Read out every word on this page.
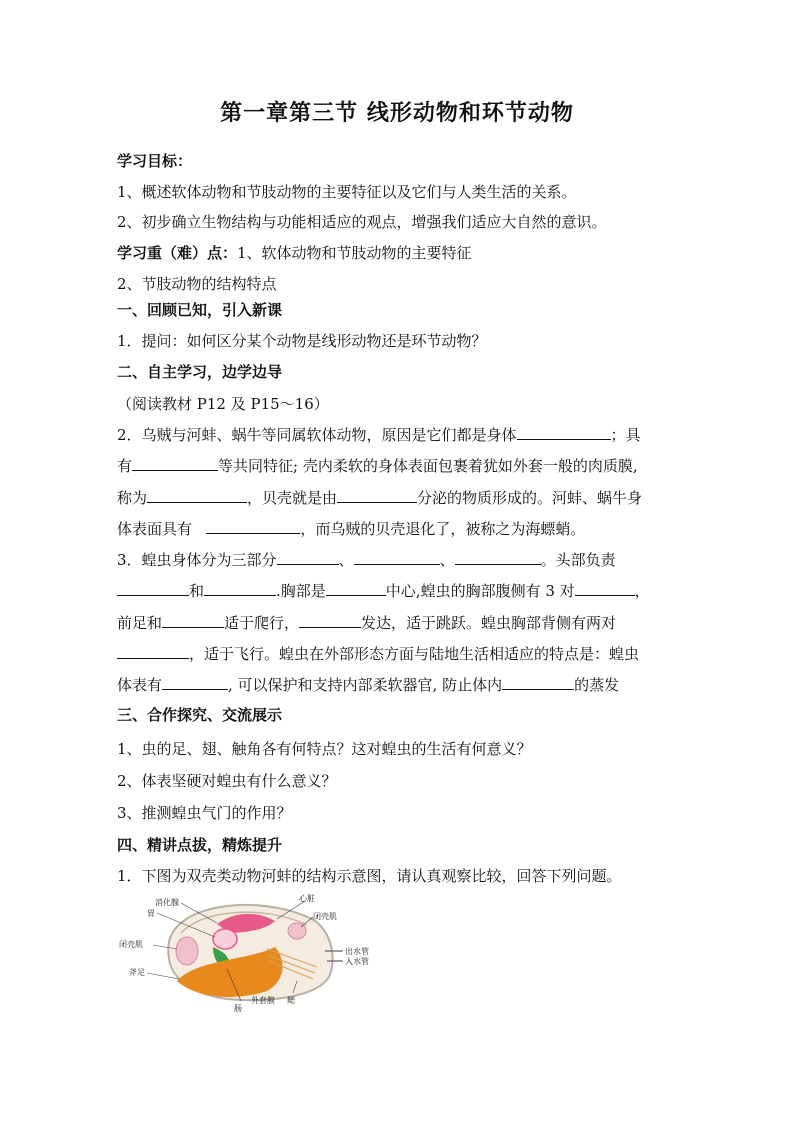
第一章第三节 线形动物和环节动物
学习目标：
1、概述软体动物和节肢动物的主要特征以及它们与人类生活的关系。
2、初步确立生物结构与功能相适应的观点，增强我们适应大自然的意识。
学习重（难）点：1、软体动物和节肢动物的主要特征
2、节肢动物的结构特点
一、回顾已知，引入新课
1．提问：如何区分某个动物是线形动物还是环节动物？
二、自主学习，边学边导
（阅读教材 P12 及 P15～16）
2．乌贼与河蚌、蜗牛等同属软体动物，原因是它们都是身体	；具
有	等共同特征; 壳内柔软的身体表面包裹着犹如外套一般的肉质膜,
称为	，贝壳就是由	分泌的物质形成的。河蚌、蜗牛身
体表面具有	，而乌贼的贝壳退化了，被称之为海螵蛸。
3．蝗虫身体分为三部分	、	、	。头部负责
和	.胸部是	中心,蝗虫的胸部腹侧有 3 对	，
前足和	适于爬行，	发达，适于跳跃。蝗虫胸部背侧有两对
，适于飞行。蝗虫在外部形态方面与陆地生活相适应的特点是：蝗虫
体表有	, 可以保护和支持内部柔软器官, 防止体内	的蒸发
三、合作探究、交流展示
1、虫的足、翅、触角各有何特点？这对蝗虫的生活有何意义？
2、体表坚硬对蝗虫有什么意义？
3、推测蝗虫气门的作用？
四、精讲点拔，精炼提升
1．下图为双壳类动物河蚌的结构示意图，请认真观察比较，回答下列问题。
消化腺
胃
闭壳肌
斧足
肠
外套膜 鳃
心脏
闭壳肌
出水管
入水管
